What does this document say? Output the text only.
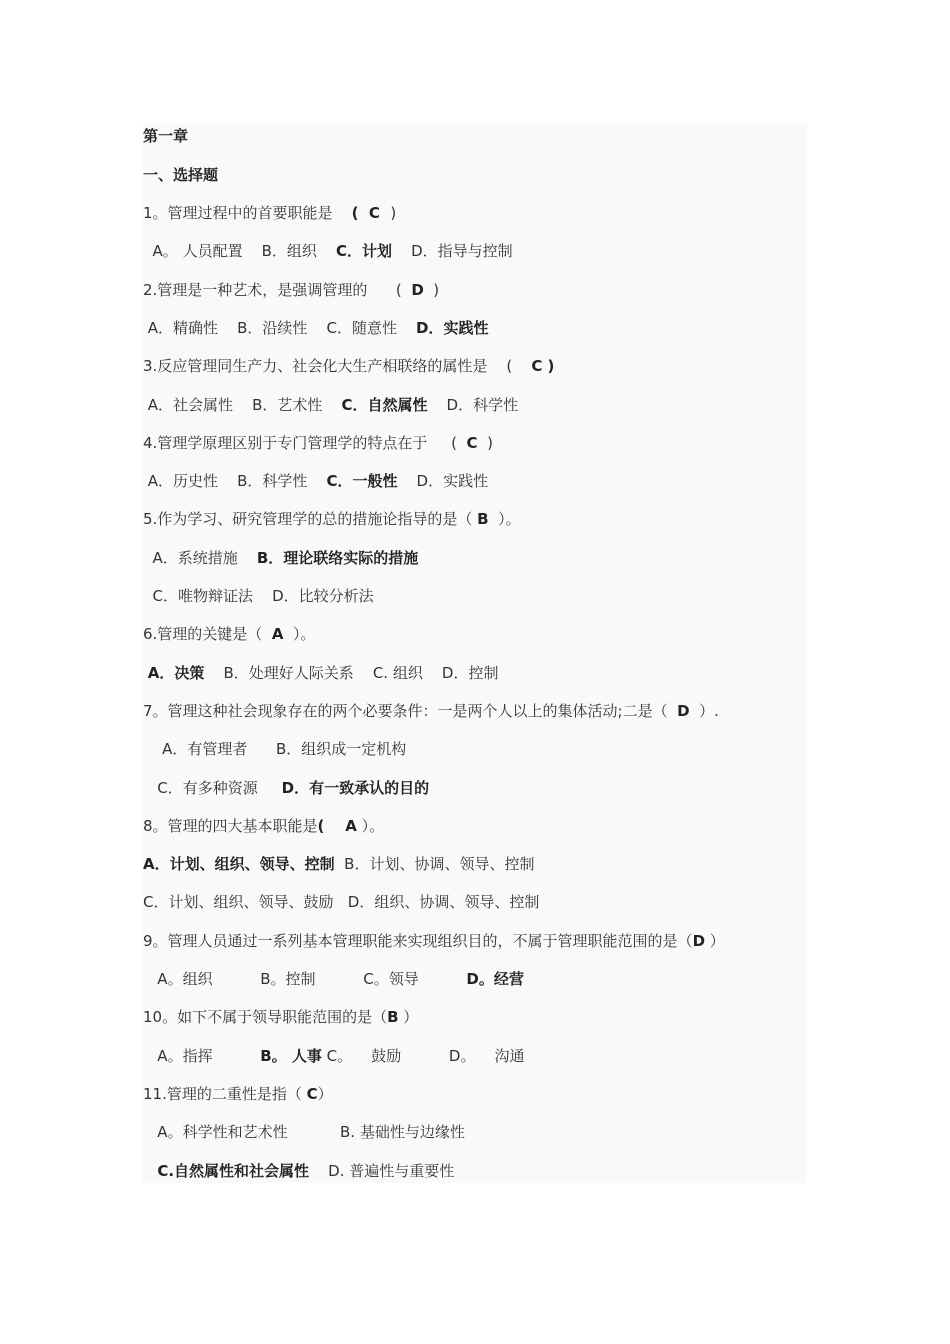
第一章
一、选择题
1。管理过程中的首要职能是    (  C  )
A。 人员配置    B．组织    C．计划    D．指导与控制
2.管理是一种艺术，是强调管理的      (  D  )
A．精确性    B．沿续性    C．随意性    D．实践性
3.反应管理同生产力、社会化大生产相联络的属性是    (    C )
A．社会属性    B．艺术性    C．自然属性    D．科学性
4.管理学原理区别于专门管理学的特点在于     (  C  )
A．历史性    B．科学性    C．一般性    D．实践性
5.作为学习、研究管理学的总的措施论指导的是（ B  ）。
A．系统措施    B．理论联络实际的措施
C．唯物辩证法    D．比较分析法
6.管理的关键是（  A  ）。
A．决策    B．处理好人际关系    C. 组织    D．控制
7。管理这种社会现象存在的两个必要条件：一是两个人以上的集体活动;二是（  D  ）.
A．有管理者      B．组织成一定机构
C．有多种资源     D．有一致承认的目的
8。管理的四大基本职能是(    A ）。
A．计划、组织、领导、控制  B．计划、协调、领导、控制
C．计划、组织、领导、鼓励   D．组织、协调、领导、控制
9。管理人员通过一系列基本管理职能来实现组织目的，不属于管理职能范围的是（D ）
A。组织          B。控制          C。领导          D。经营
10。如下不属于领导职能范围的是（B ）
A。指挥          B。 人事 C。    鼓励          D。    沟通
11.管理的二重性是指（ C）
A。科学性和艺术性           B. 基础性与边缘性
C.自然属性和社会属性    D. 普遍性与重要性
